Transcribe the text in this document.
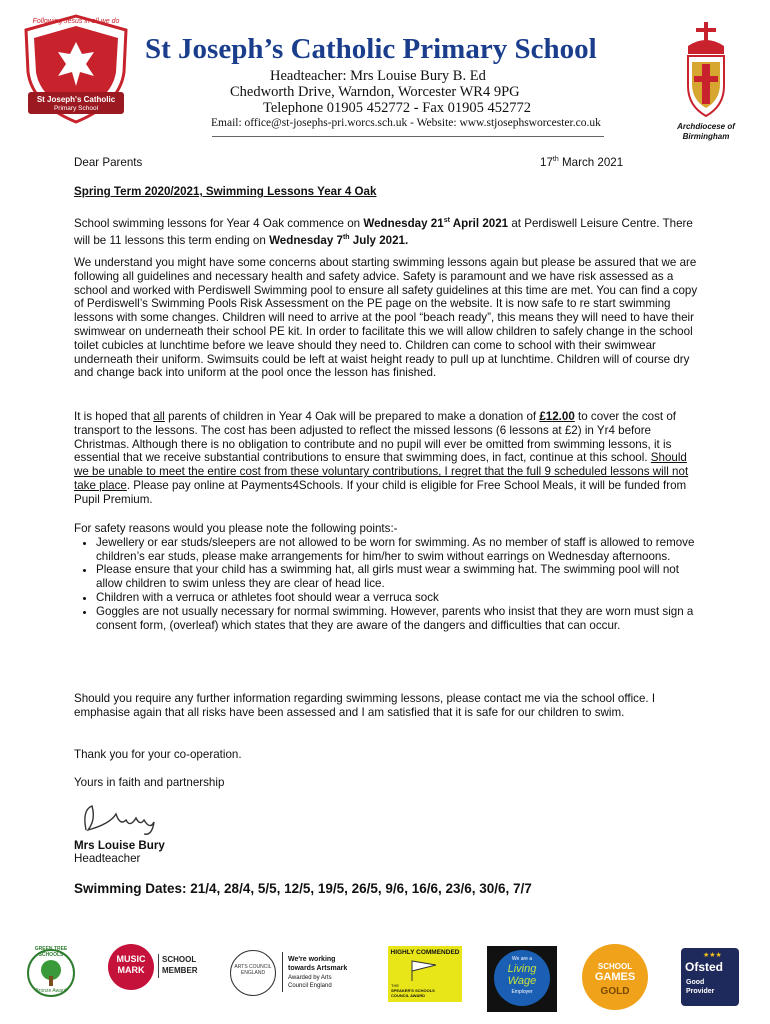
Following Jesus in all we do
St Joseph's Catholic
Primary School
St Joseph’s Catholic Primary School
Headteacher: Mrs Louise Bury B. Ed
Chedworth Drive, Warndon, Worcester WR4 9PG
Telephone 01905 452772 - Fax 01905 452772
Email: office@st-josephs-pri.worcs.sch.uk - Website: www.stjosephsworcester.co.uk	Archdiocese of
Birmingham
Dear Parents	17th March 2021
Spring Term 2020/2021, Swimming Lessons Year 4 Oak
School swimming lessons for Year 4 Oak commence on Wednesday 21st April 2021 at Perdiswell Leisure Centre. There will be 11 lessons this term ending on Wednesday 7th July 2021.
We understand you might have some concerns about starting swimming lessons again but please be assured that we are following all guidelines and necessary health and safety advice. Safety is paramount and we have risk assessed as a school and worked with Perdiswell Swimming pool to ensure all safety guidelines at this time are met. You can find a copy of Perdiswell’s Swimming Pools Risk Assessment on the PE page on the website. It is now safe to re start swimming lessons with some changes. Children will need to arrive at the pool “beach ready”, this means they will need to have their swimwear on underneath their school PE kit. In order to facilitate this we will allow children to safely change in the school toilet cubicles at lunchtime before we leave should they need to. Children can come to school with their swimwear underneath their uniform. Swimsuits could be left at waist height ready to pull up at lunchtime. Children will of course dry and change back into uniform at the pool once the lesson has finished.
It is hoped that all parents of children in Year 4 Oak will be prepared to make a donation of £12.00 to cover the cost of transport to the lessons. The cost has been adjusted to reflect the missed lessons (6 lessons at £2) in Yr4 before Christmas. Although there is no obligation to contribute and no pupil will ever be omitted from swimming lessons, it is essential that we receive substantial contributions to ensure that swimming does, in fact, continue at this school. Should we be unable to meet the entire cost from these voluntary contributions, I regret that the full 9 scheduled lessons will not take place. Please pay online at Payments4Schools. If your child is eligible for Free School Meals, it will be funded from Pupil Premium.
For safety reasons would you please note the following points:-
• Jewellery or ear studs/sleepers are not allowed to be worn for swimming. As no member of staff is allowed to remove children’s ear studs, please make arrangements for him/her to swim without earrings on Wednesday afternoons.
• Please ensure that your child has a swimming hat, all girls must wear a swimming hat. The swimming pool will not allow children to swim unless they are clear of head lice.
• Children with a verruca or athletes foot should wear a verruca sock
• Goggles are not usually necessary for normal swimming. However, parents who insist that they are worn must sign a consent form, (overleaf) which states that they are aware of the dangers and difficulties that can occur.
Should you require any further information regarding swimming lessons, please contact me via the school office. I emphasise again that all risks have been assessed and I am satisfied that it is safe for our children to swim.
Thank you for your co-operation.
Yours in faith and partnership
Mrs Louise Bury
Headteacher
Swimming Dates: 21/4, 28/4, 5/5, 12/5, 19/5, 26/5, 9/6, 16/6, 23/6, 30/6, 7/7
GREEN TREE SCHOOLS
Bronze Award
MUSIC MARK
SCHOOL
MEMBER	ARTS COUNCIL ENGLAND
We're working
towards Artsmark
Awarded by Arts
Council England
HIGHLY COMMENDED
THE
SPEAKER'S SCHOOLS
COUNCIL AWARD
We are a
Living
Wage
Employer
SCHOOL
GAMES
GOLD
★★★
Ofsted
Good
Provider
